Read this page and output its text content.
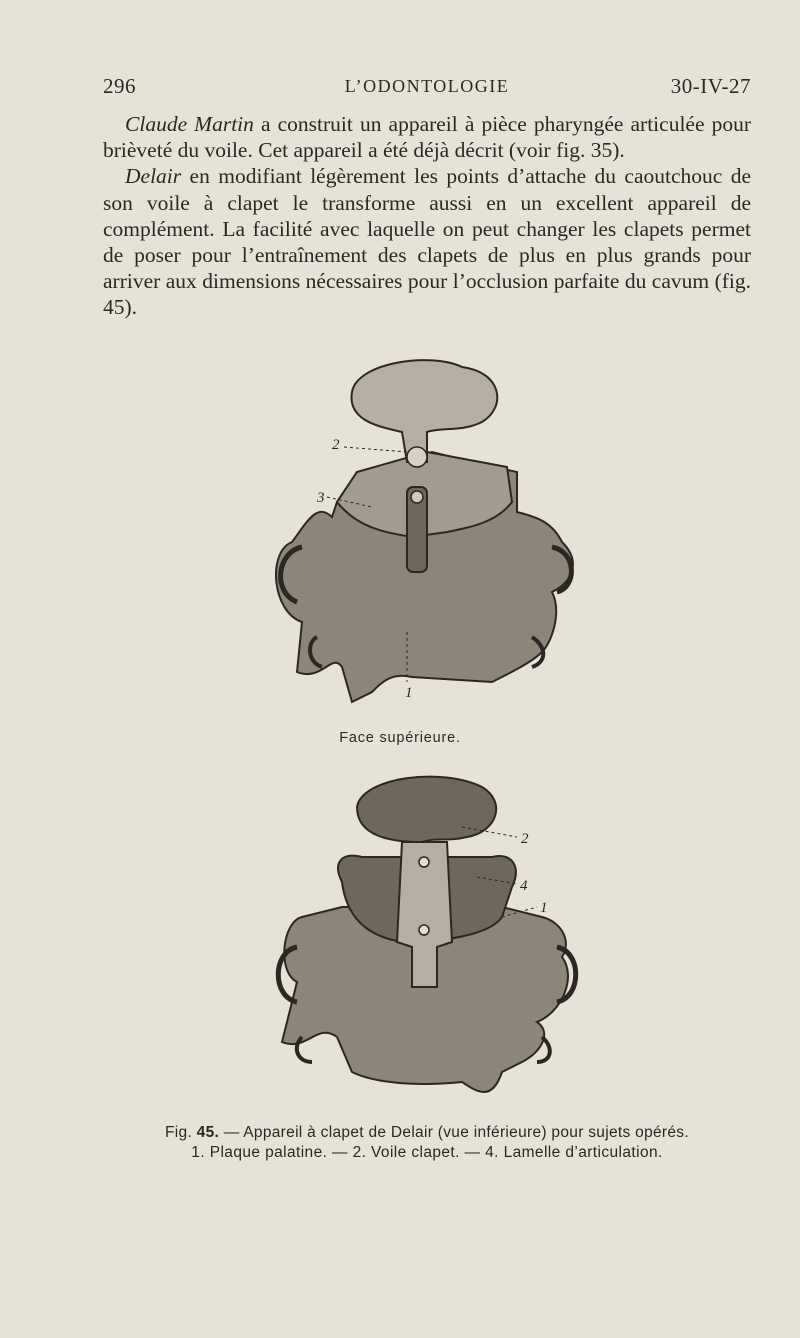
296	L’ODONTOLOGIE	30-IV-27

Claude Martin a construit un appareil à pièce pharyngée articulée pour brièveté du voile. Cet appareil a été déjà décrit (voir fig. 35).

Delair en modifiant légèrement les points d’attache du caoutchouc de son voile à clapet le transforme aussi en un excellent appareil de complément. La facilité avec laquelle on peut changer les clapets permet de poser pour l’entraînement des clapets de plus en plus grands pour arriver aux dimensions nécessaires pour l’occlusion parfaite du cavum (fig. 45).

2
3
1
Face supérieure.
2
4
1
Fig. 45. — Appareil à clapet de Delair (vue inférieure) pour sujets opérés.
1. Plaque palatine. — 2. Voile clapet. — 4. Lamelle d’articulation.
